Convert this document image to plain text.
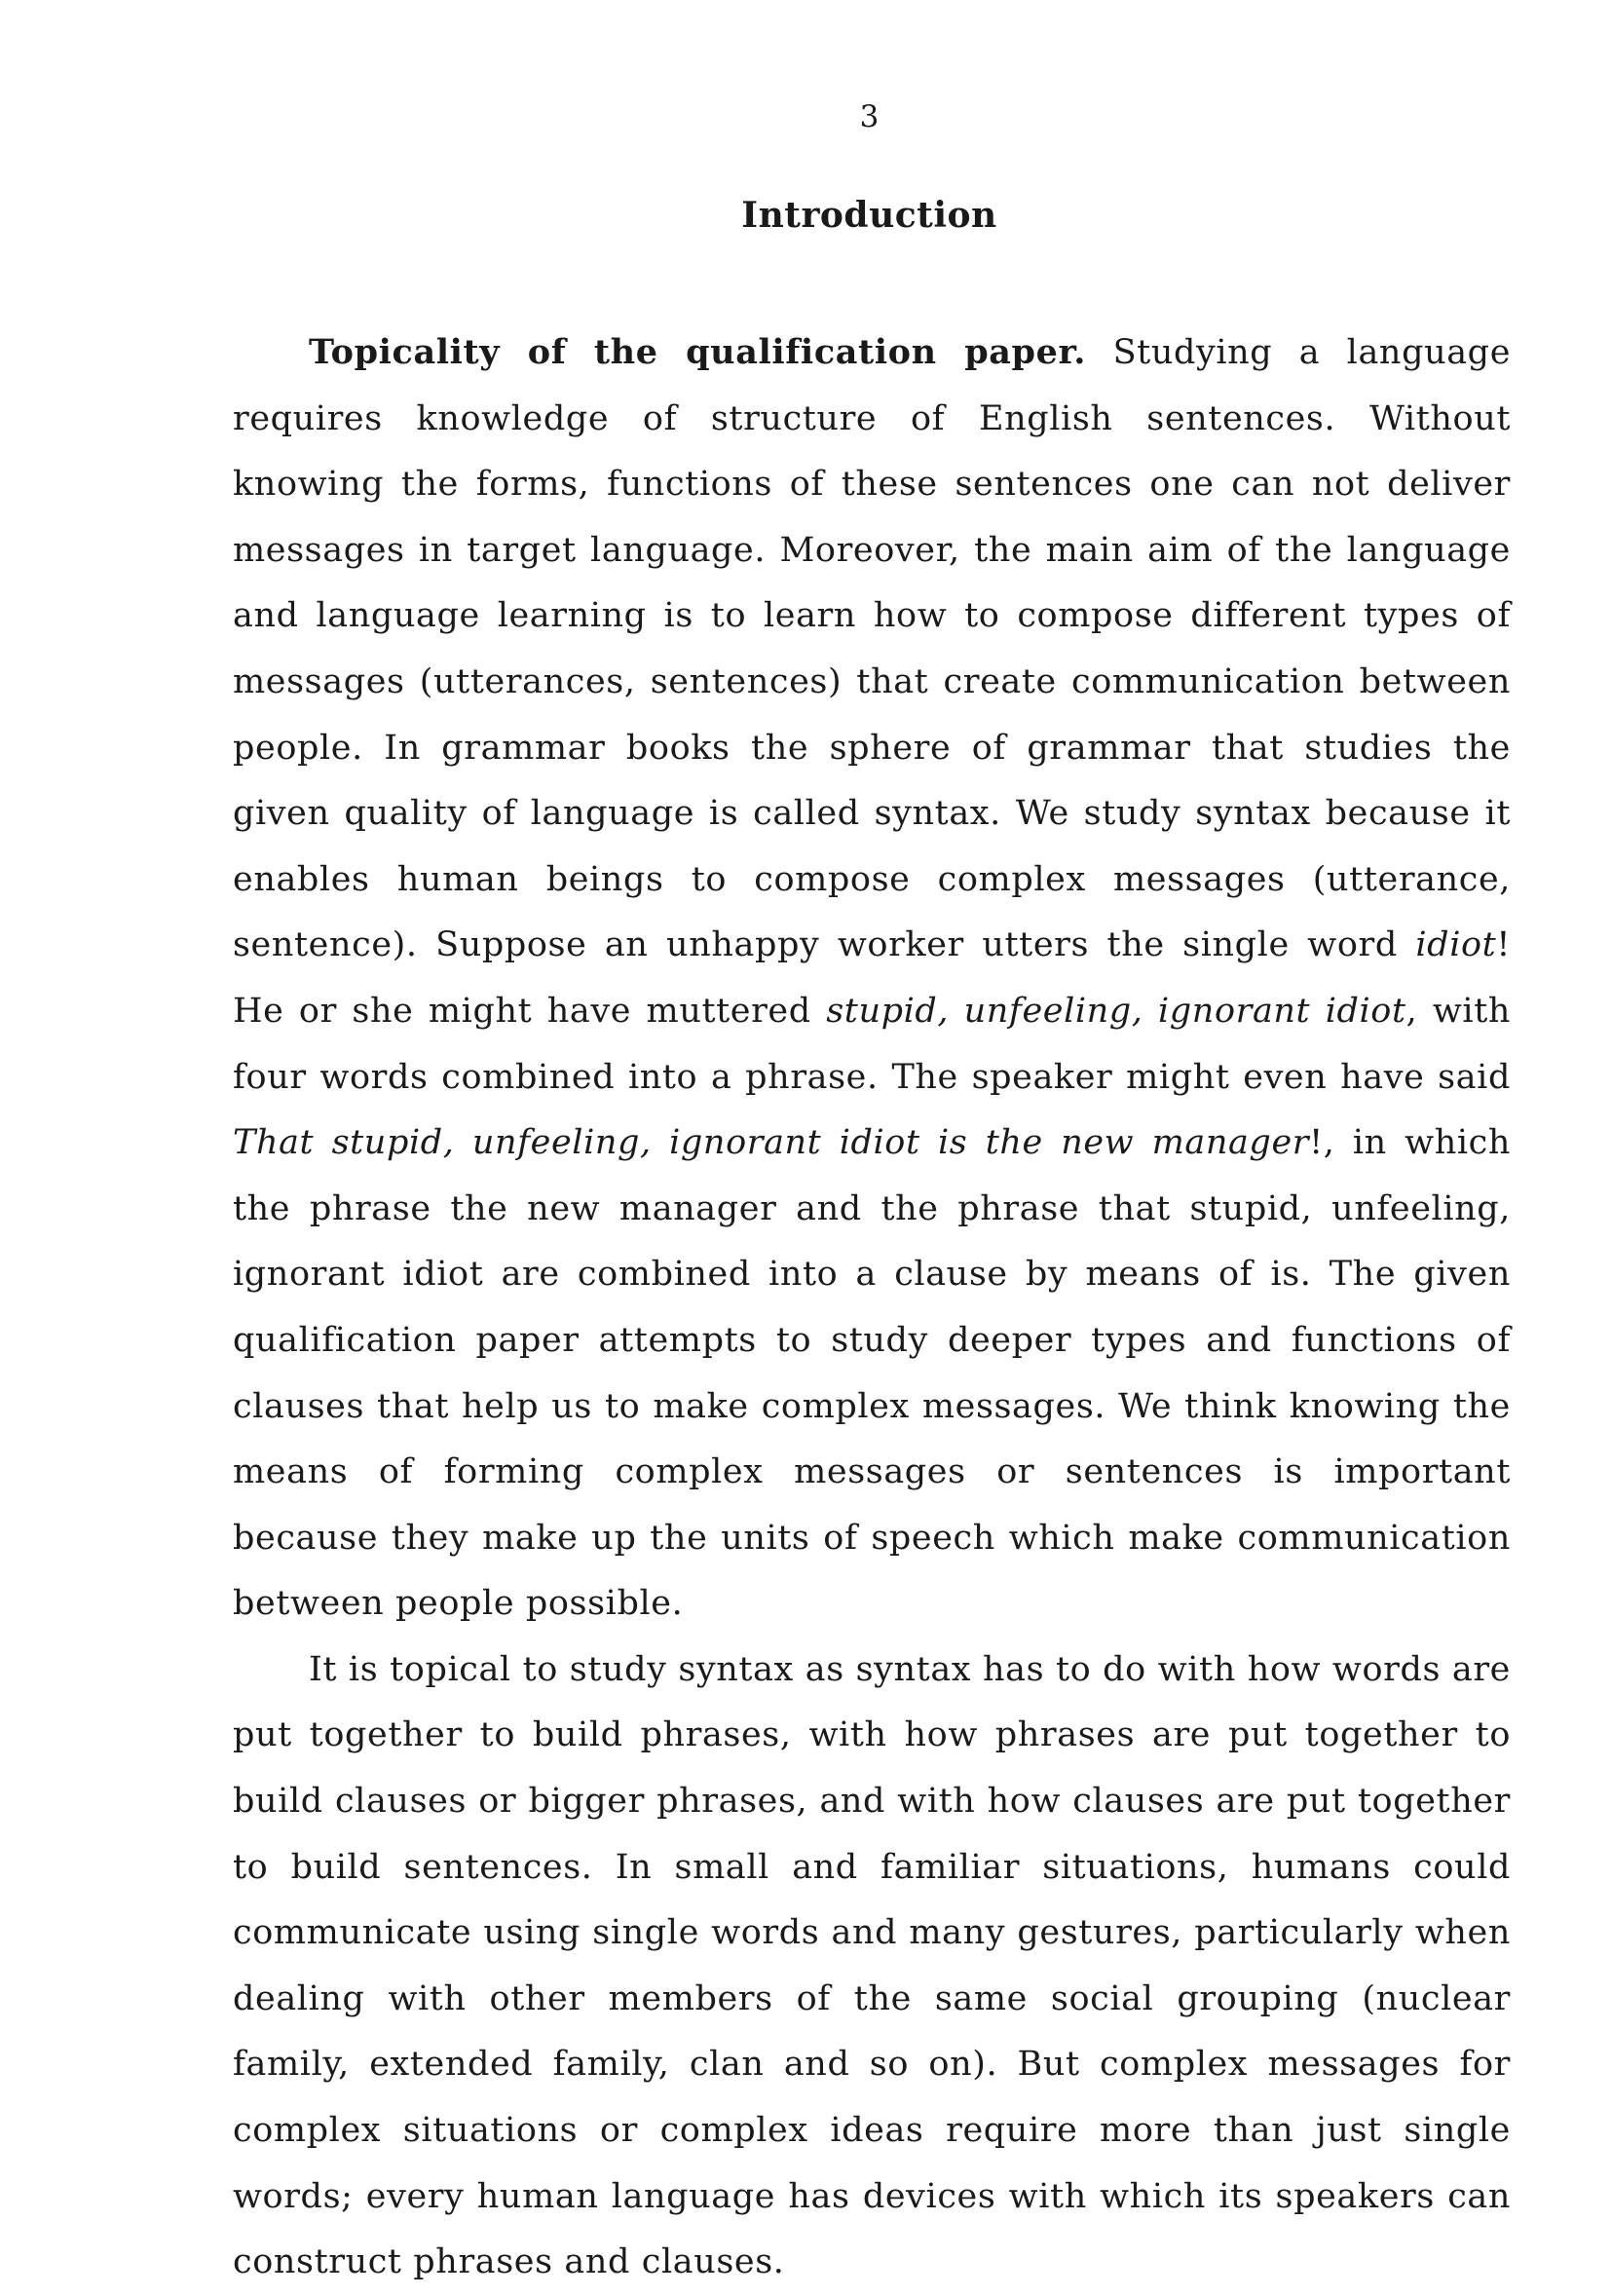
3
Introduction

Topicality of the qualification paper. Studying a language requires knowledge of structure of English sentences. Without knowing the forms, functions of these sentences one can not deliver messages in target language. Moreover, the main aim of the language and language learning is to learn how to compose different types of messages (utterances, sentences) that create communication between people. In grammar books the sphere of grammar that studies the given quality of language is called syntax. We study syntax because it enables human beings to compose complex messages (utterance, sentence). Suppose an unhappy worker utters the single word idiot! He or she might have muttered stupid, unfeeling, ignorant idiot, with four words combined into a phrase. The speaker might even have said That stupid, unfeeling, ignorant idiot is the new manager!, in which the phrase the new manager and the phrase that stupid, unfeeling, ignorant idiot are combined into a clause by means of is. The given qualification paper attempts to study deeper types and functions of clauses that help us to make complex messages. We think knowing the means of forming complex messages or sentences is important because they make up the units of speech which make communication between people possible.

It is topical to study syntax as syntax has to do with how words are put together to build phrases, with how phrases are put together to build clauses or bigger phrases, and with how clauses are put together to build sentences. In small and familiar situations, humans could communicate using single words and many gestures, particularly when dealing with other members of the same social grouping (nuclear family, extended family, clan and so on). But complex messages for complex situations or complex ideas require more than just single words; every human language has devices with which its speakers can construct phrases and clauses.
